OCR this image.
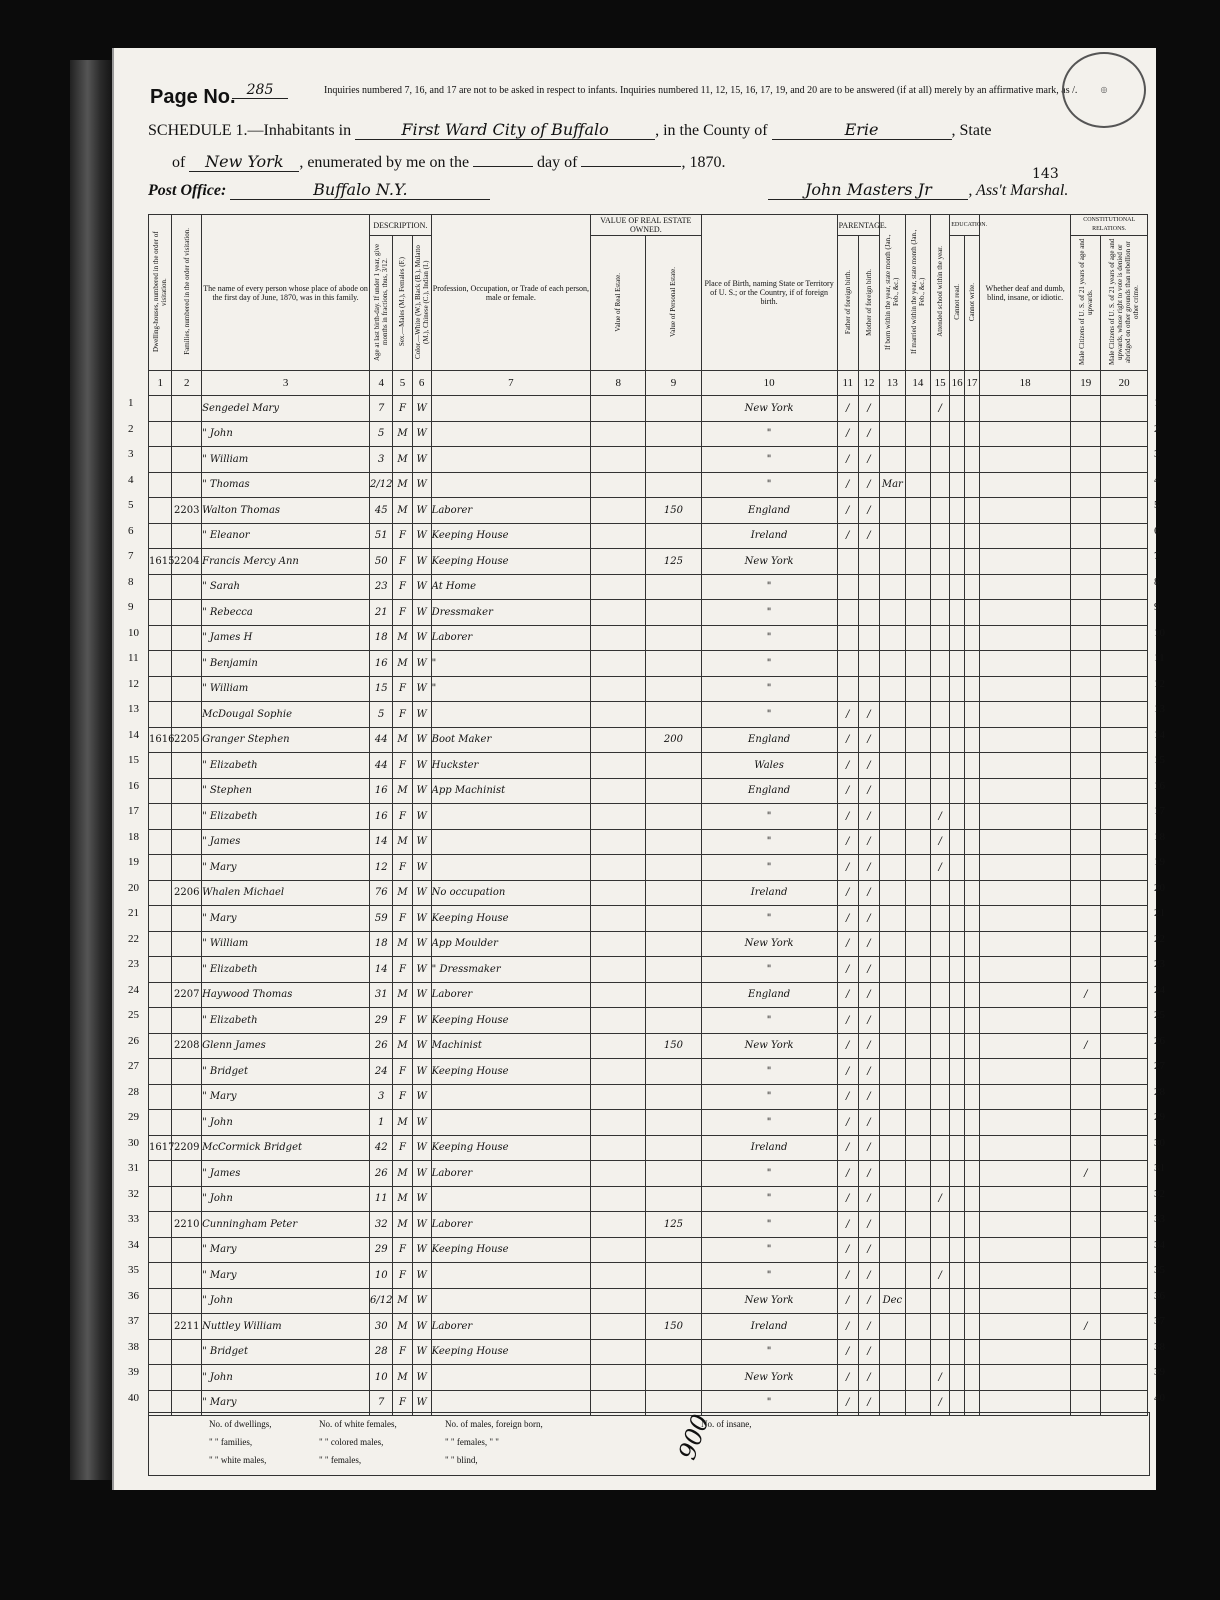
Page No. 285	Inquiries numbered 7, 16, and 17 are not to be asked in respect to infants. Inquiries numbered 11, 12, 15, 16, 17, 19, and 20 are to be answered (if at all) merely by an affirmative mark, as /.	◎
SCHEDULE 1.—Inhabitants in	First Ward City of Buffalo	, in the County of	Erie	, State
of New York , enumerated by me on the	day of	, 1870.
143
Post Office:	Buffalo N.Y.	John Masters Jr , Ass't Marshal.
Dwelling-houses, numbered in the order of visitation.	Families, numbered in the order of visitation.	The name of every person whose place of abode on the first day of June, 1870, was in this family.	DESCRIPTION.			Profession, Occupation, or Trade of each person, male or female.	VALUE OF REAL ESTATE OWNED.		Place of Birth, naming State or Territory of U. S.; or the Country, if of foreign birth.	PARENTAGE.		If born within the year, state month (Jan., Feb., &c.)	If married within the year, state month (Jan., Feb., &c.)	Attended school within the year.	EDUCATION.		Whether deaf and dumb, blind, insane, or idiotic.	CONSTITUTIONAL RELATIONS.	
			Age at last birth-day. If under 1 year, give months in fractions, thus, 3/12.	Sex.—Males (M.), Females (F.)	Color.—White (W.), Black (B.), Mulatto (M.), Chinese (C.), Indian (I.)		Value of Real Estate.	Value of Personal Estate.		Father of foreign birth.	Mother of foreign birth.				Cannot read.	Cannot write.		Male Citizens of U. S. of 21 years of age and upwards.	Male Citizens of U. S. of 21 years of age and upwards, whose right to vote is denied or abridged on other grounds than rebellion or other crime.
1	2	3	4	5	6	7	8	9	10	11	12	13	14	15	16	17	18	19	20
		Sengedel Mary	7	F	W				New York	/	/			/					
		" John	5	M	W				"	/	/								
		" William	3	M	W				"	/	/								
		" Thomas	2/12	M	W				"	/	/	Mar							
	2203	Walton Thomas	45	M	W	Laborer		150	England	/	/								
		" Eleanor	51	F	W	Keeping House			Ireland	/	/								
1615	2204	Francis Mercy Ann	50	F	W	Keeping House		125	New York										
		" Sarah	23	F	W	At Home			"										
		" Rebecca	21	F	W	Dressmaker			"										
		" James H	18	M	W	Laborer			"										
		" Benjamin	16	M	W	"			"										
		" William	15	F	W	"			"										
		McDougal Sophie	5	F	W				"	/	/								
1616	2205	Granger Stephen	44	M	W	Boot Maker		200	England	/	/								
		" Elizabeth	44	F	W	Huckster			Wales	/	/								
		" Stephen	16	M	W	App Machinist			England	/	/								
		" Elizabeth	16	F	W				"	/	/			/					
		" James	14	M	W				"	/	/			/					
		" Mary	12	F	W				"	/	/			/					
	2206	Whalen Michael	76	M	W	No occupation			Ireland	/	/								
		" Mary	59	F	W	Keeping House			"	/	/								
		" William	18	M	W	App Moulder			New York	/	/								
		" Elizabeth	14	F	W	" Dressmaker			"	/	/								
	2207	Haywood Thomas	31	M	W	Laborer			England	/	/							/	
		" Elizabeth	29	F	W	Keeping House			"	/	/								
	2208	Glenn James	26	M	W	Machinist		150	New York	/	/							/	
		" Bridget	24	F	W	Keeping House			"	/	/								
		" Mary	3	F	W				"	/	/								
		" John	1	M	W				"	/	/								
1617	2209	McCormick Bridget	42	F	W	Keeping House			Ireland	/	/								
		" James	26	M	W	Laborer			"	/	/							/	
		" John	11	M	W				"	/	/			/					
	2210	Cunningham Peter	32	M	W	Laborer		125	"	/	/								
		" Mary	29	F	W	Keeping House			"	/	/								
		" Mary	10	F	W				"	/	/			/					
		" John	6/12	M	W				New York	/	/	Dec							
	2211	Nuttley William	30	M	W	Laborer		150	Ireland	/	/							/	
		" Bridget	28	F	W	Keeping House			"	/	/								
		" John	10	M	W				New York	/	/			/					
		" Mary	7	F	W				"	/	/			/					
No. of dwellings,	No. of white females,	No. of males, foreign born,
" " families,	" " colored males,	" " females, " "
" " white males,	" " females,	" " blind,
No. of insane,
900
1	1
2	2
3	3
4	4
5	5
6	6
7	7
8	8
9	9
10	10
11	11
12	12
13	13
14	14
15	15
16	16
17	17
18	18
19	19
20	20
21	21
22	22
23	23
24	24
25	25
26	26
27	27
28	28
29	29
30	30
31	31
32	32
33	33
34	34
35	35
36	36
37	37
38	38
39	39
40	40
